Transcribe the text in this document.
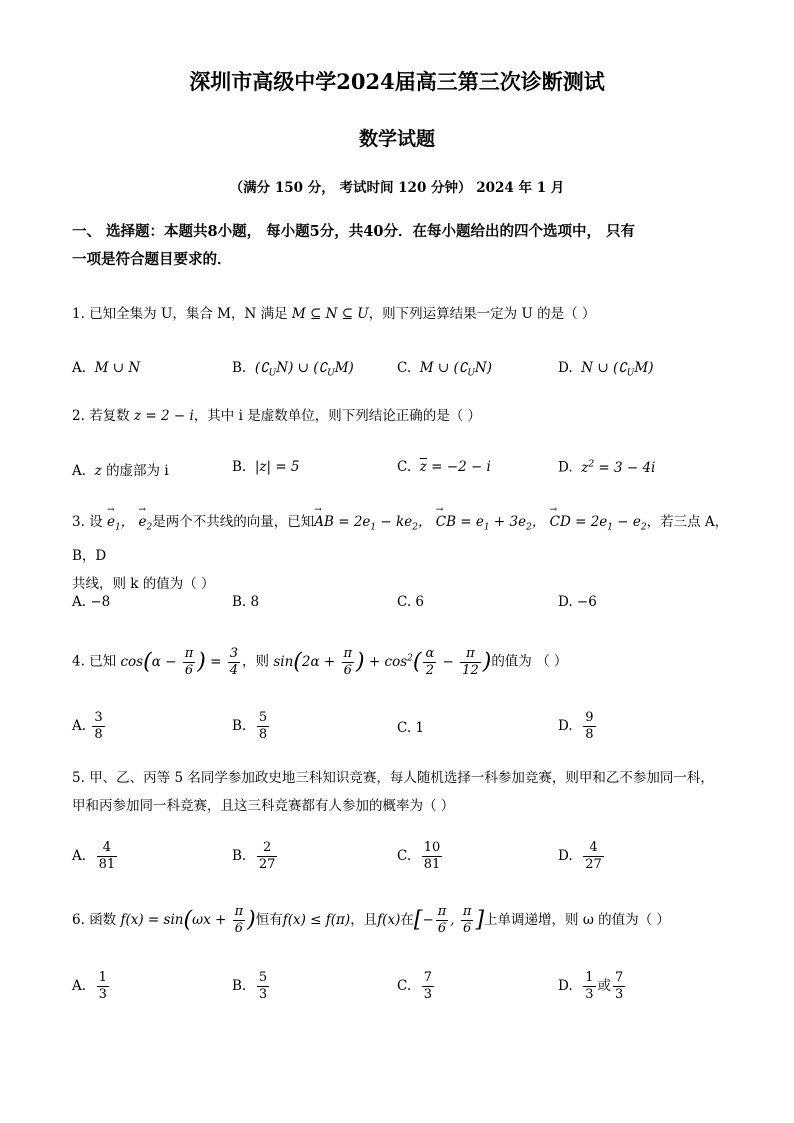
深圳市高级中学2024届高三第三次诊断测试
数学试题
（满分 150 分， 考试时间 120 分钟） 2024 年 1 月
一、 选择题：本题共8小题， 每小题5分，共40分．在每小题给出的四个选项中， 只有
一项是符合题目要求的．
1. 已知全集为 U，集合 M，N 满足 M ⊆ N ⊆ U，则下列运算结果一定为 U 的是（ ）
A. M ∪ N	B. $(∁_UN)$ ∪ $(∁_UM)$	C. M ∪ $(∁_UN)$	D. N ∪ $(∁_UM)$
2. 若复数 z = 2 − i，其中 i 是虚数单位，则下列结论正确的是（ ）
A. z 的虚部为 i	B. |z| = 5	C. $\overline{z} = -2 - i$	D. $z^2 = 3 - 4i$
3. 设 → $e_1$， → $e_2$是两个不共线的向量，已知→ AB = $2e_1 - ke_2$， → CB = $e_1 + 3e_2$， → CD = $2e_1 - e_2$，若三点 A，B，D
共线，则 k 的值为（ ）
A. −8	B. 8	C. 6	D. −6
4. 已知 $\cos(\alpha - \frac{\pi}{6}$ ) = $\frac{3}{4}$ ，则 $\sin(2\alpha + \frac{\pi}{6}$ ) + $\cos^2( \frac{\alpha}{2} - \frac{\pi}{12}$ )的值为 （ ）
A. $\frac{3}{8}$	B. $\frac{5}{8}$	C. 1	D. $\frac{9}{8}$
5. 甲、乙、丙等 5 名同学参加政史地三科知识竞赛，每人随机选择一科参加竞赛，则甲和乙不参加同一科，
甲和丙参加同一科竞赛，且这三科竞赛都有人参加的概率为（ ）
A. $\frac{4}{81}$	B. $\frac{2}{27}$	C. $\frac{10}{81}$	D. $\frac{4}{27}$
6. 函数 $f(x) = \sin(\omega x + \frac{\pi}{6}$ )恒有f(x) ≤ f(π)，且f(x)在[− $\frac{\pi}{6}$ , $\frac{\pi}{6}$ ]上单调递增，则 ω 的值为（ ）
A. $\frac{1}{3}$	B. $\frac{5}{3}$	C. $\frac{7}{3}$	D. $\frac{1}{3}$ 或 $\frac{7}{3}$
